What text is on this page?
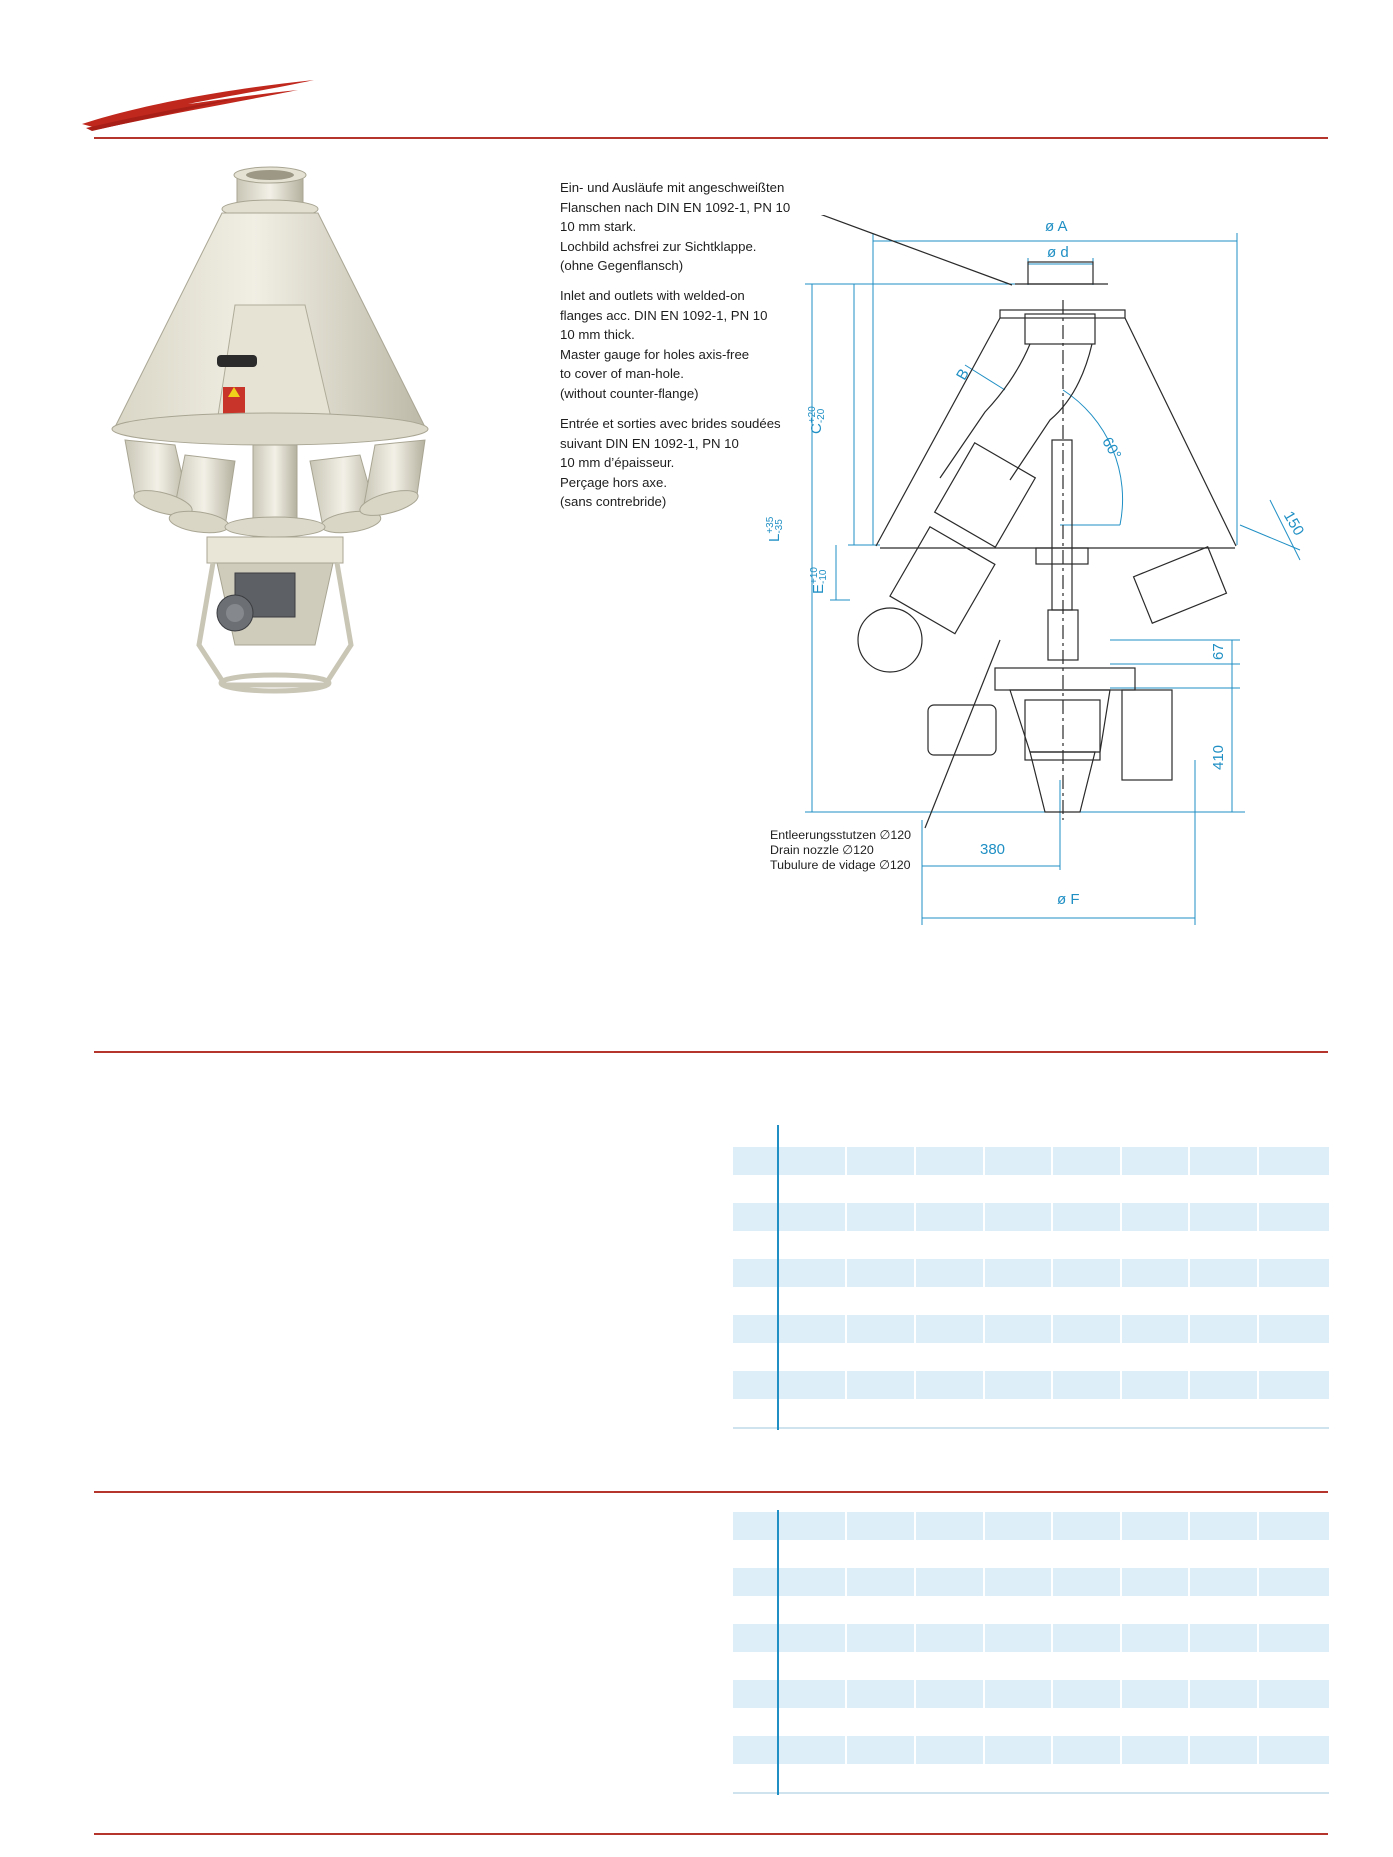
Ein- und Ausläufe mit angeschweißten
Flanschen nach DIN EN 1092-1, PN 10
10 mm stark.
Lochbild achsfrei zur Sichtklappe.
(ohne Gegenflansch)
Inlet and outlets with welded-on
flanges acc. DIN EN 1092-1, PN 10
10 mm thick.
Master gauge for holes axis-free
to cover of man-hole.
(without counter-flange)
Entrée et sorties avec brides soudées
suivant DIN EN 1092-1, PN 10
10 mm d’épaisseur.
Perçage hors axe.
(sans contrebride)
ø A
ø d
B
60°
150
C
+20
-20
L
+35
-35
E
+10
-10
67
410
380
ø F
Entleerungsstutzen ∅120
Drain nozzle ∅120
Tubulure de vidage ∅120
